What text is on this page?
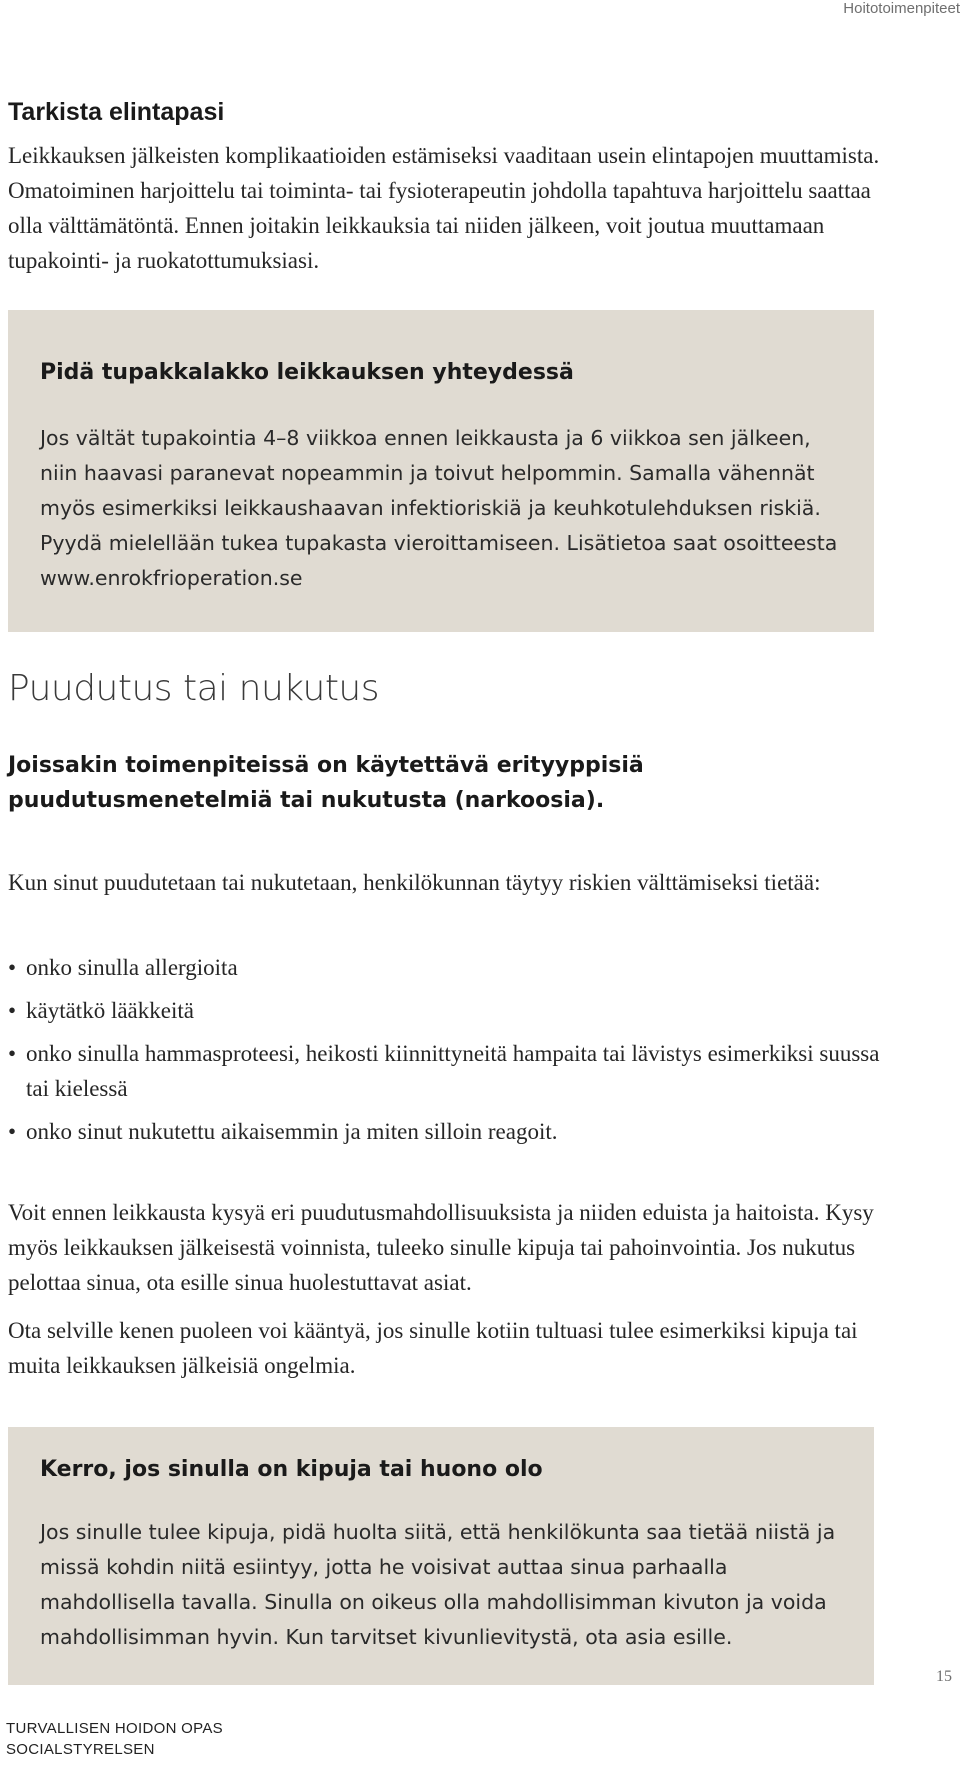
Hoitotoimenpiteet
Tarkista elintapasi

Leikkauksen jälkeisten komplikaatioiden estämiseksi vaaditaan usein elintapojen muuttamista. Omatoiminen harjoittelu tai toiminta- tai fysioterapeutin johdolla tapahtuva harjoittelu saattaa olla välttämätöntä. Ennen joitakin leikkauksia tai niiden jälkeen, voit joutua muuttamaan tupakointi- ja ruokatottumuksiasi.

Pidä tupakkalakko leikkauksen yhteydessä

Jos vältät tupakointia 4–8 viikkoa ennen leikkausta ja 6 viikkoa sen jälkeen, niin haavasi paranevat nopeammin ja toivut helpommin. Samalla vähennät myös esimerkiksi leikkaushaavan infektioriskiä ja keuhkotulehduksen riskiä. Pyydä mielellään tukea tupakasta vieroittamiseen. Lisätietoa saat osoitteesta www.enrokfrioperation.se

Puudutus tai nukutus

Joissakin toimenpiteissä on käytettävä erityyppisiä puudutusmenetelmiä tai nukutusta (narkoosia).

Kun sinut puudutetaan tai nukutetaan, henkilökunnan täytyy riskien välttämiseksi tietää:

• onko sinulla allergioita
• käytätkö lääkkeitä
• onko sinulla hammasproteesi, heikosti kiinnittyneitä hampaita tai lävistys esimerkiksi suussa tai kielessä
• onko sinut nukutettu aikaisemmin ja miten silloin reagoit.

Voit ennen leikkausta kysyä eri puudutusmahdollisuuksista ja niiden eduista ja haitoista. Kysy myös leikkauksen jälkeisestä voinnista, tuleeko sinulle kipuja tai pahoinvointia. Jos nukutus pelottaa sinua, ota esille sinua huolestuttavat asiat.

Ota selville kenen puoleen voi kääntyä, jos sinulle kotiin tultuasi tulee esimerkiksi kipuja tai muita leikkauksen jälkeisiä ongelmia.

Kerro, jos sinulla on kipuja tai huono olo

Jos sinulle tulee kipuja, pidä huolta siitä, että henkilökunta saa tietää niistä ja missä kohdin niitä esiintyy, jotta he voisivat auttaa sinua parhaalla mahdollisella tavalla. Sinulla on oikeus olla mahdollisimman kivuton ja voida mahdollisimman hyvin. Kun tarvitset kivunlievitystä, ota asia esille.

15
TURVALLISEN HOIDON OPAS
SOCIALSTYRELSEN
